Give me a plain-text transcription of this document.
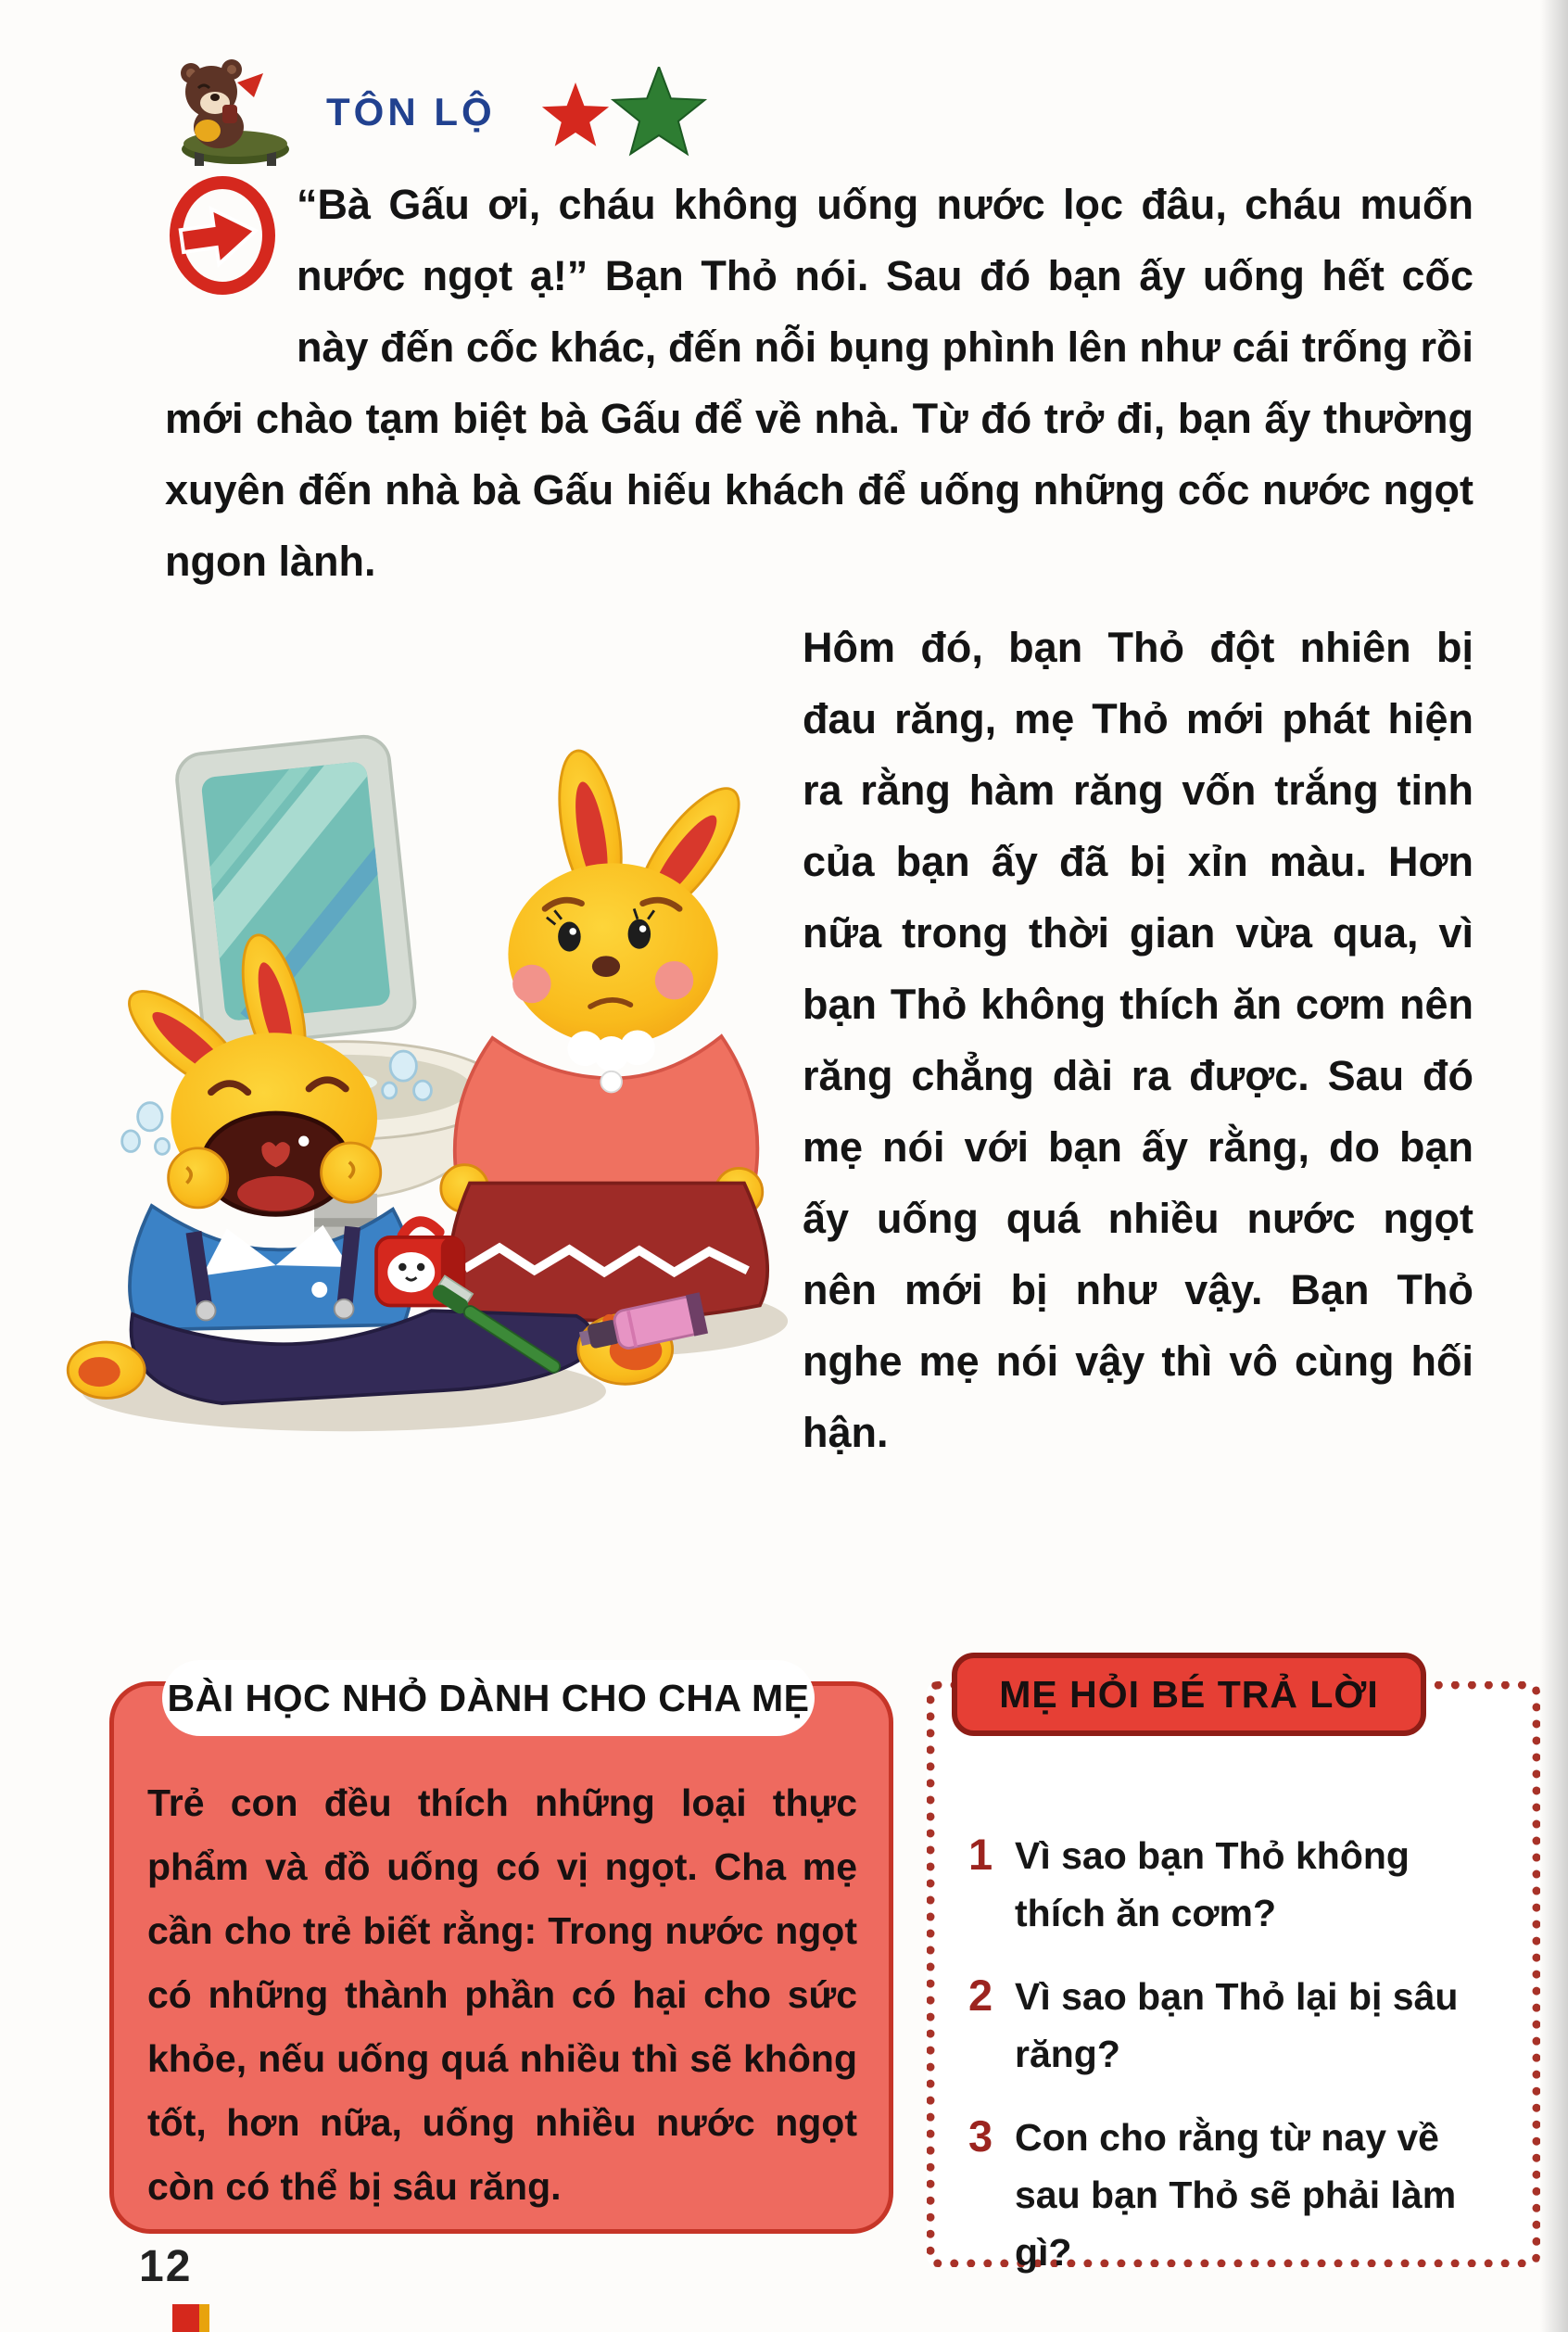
TÔN LỘ
“Bà Gấu ơi, cháu không uống nước lọc đâu, cháu muốn nước ngọt ạ!” Bạn Thỏ nói. Sau đó bạn ấy uống hết cốc này đến cốc khác, đến nỗi bụng phình lên như cái trống rồi mới chào tạm biệt bà Gấu để về nhà. Từ đó trở đi, bạn ấy thường xuyên đến nhà bà Gấu hiếu khách để uống những cốc nước ngọt ngon lành.
Hôm đó, bạn Thỏ đột nhiên bị đau răng, mẹ Thỏ mới phát hiện ra rằng hàm răng vốn trắng tinh của bạn ấy đã bị xỉn màu. Hơn nữa trong thời gian vừa qua, vì bạn Thỏ không thích ăn cơm nên răng chẳng dài ra được. Sau đó mẹ nói với bạn ấy rằng, do bạn ấy uống quá nhiều nước ngọt nên mới bị như vậy. Bạn Thỏ nghe mẹ nói vậy thì vô cùng hối hận.
BÀI HỌC NHỎ DÀNH CHO CHA MẸ
Trẻ con đều thích những loại thực phẩm và đồ uống có vị ngọt. Cha mẹ cần cho trẻ biết rằng: Trong nước ngọt có những thành phần có hại cho sức khỏe, nếu uống quá nhiều thì sẽ không tốt, hơn nữa, uống nhiều nước ngọt còn có thể bị sâu răng.
MẸ HỎI BÉ TRẢ LỜI
1 Vì sao bạn Thỏ không thích ăn cơm?
2 Vì sao bạn Thỏ lại bị sâu răng?
3 Con cho rằng từ nay về sau bạn Thỏ sẽ phải làm gì?
12
